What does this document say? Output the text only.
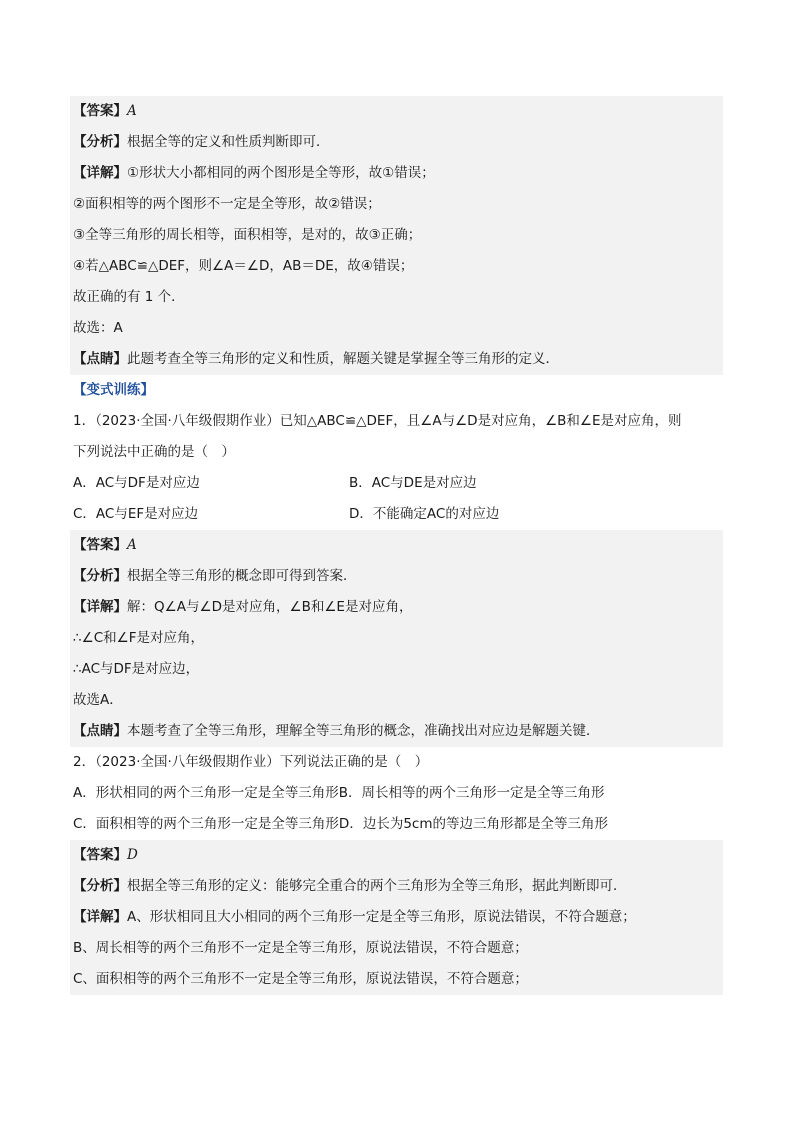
【答案】A
【分析】根据全等的定义和性质判断即可．
【详解】①形状大小都相同的两个图形是全等形，故①错误；
②面积相等的两个图形不一定是全等形，故②错误；
③全等三角形的周长相等，面积相等，是对的，故③正确；
④若△ABC≌△DEF，则∠A＝∠D，AB＝DE，故④错误；
故正确的有 1 个．
故选：A
【点睛】此题考查全等三角形的定义和性质，解题关键是掌握全等三角形的定义．
【变式训练】
1．（2023·全国·八年级假期作业）已知△ABC≌△DEF，且∠A与∠D是对应角，∠B和∠E是对应角，则
下列说法中正确的是（　）
A．AC与DF是对应边	B．AC与DE是对应边
C．AC与EF是对应边	D．不能确定AC的对应边
【答案】A
【分析】根据全等三角形的概念即可得到答案．
【详解】解：Q∠A与∠D是对应角，∠B和∠E是对应角，
∴∠C和∠F是对应角，
∴AC与DF是对应边，
故选A．
【点睛】本题考查了全等三角形，理解全等三角形的概念，准确找出对应边是解题关键．
2．（2023·全国·八年级假期作业）下列说法正确的是（　）
A．形状相同的两个三角形一定是全等三角形B．周长相等的两个三角形一定是全等三角形
C．面积相等的两个三角形一定是全等三角形D．边长为5cm的等边三角形都是全等三角形
【答案】D
【分析】根据全等三角形的定义：能够完全重合的两个三角形为全等三角形，据此判断即可．
【详解】A、形状相同且大小相同的两个三角形一定是全等三角形，原说法错误，不符合题意；
B、周长相等的两个三角形不一定是全等三角形，原说法错误，不符合题意；
C、面积相等的两个三角形不一定是全等三角形，原说法错误，不符合题意；
